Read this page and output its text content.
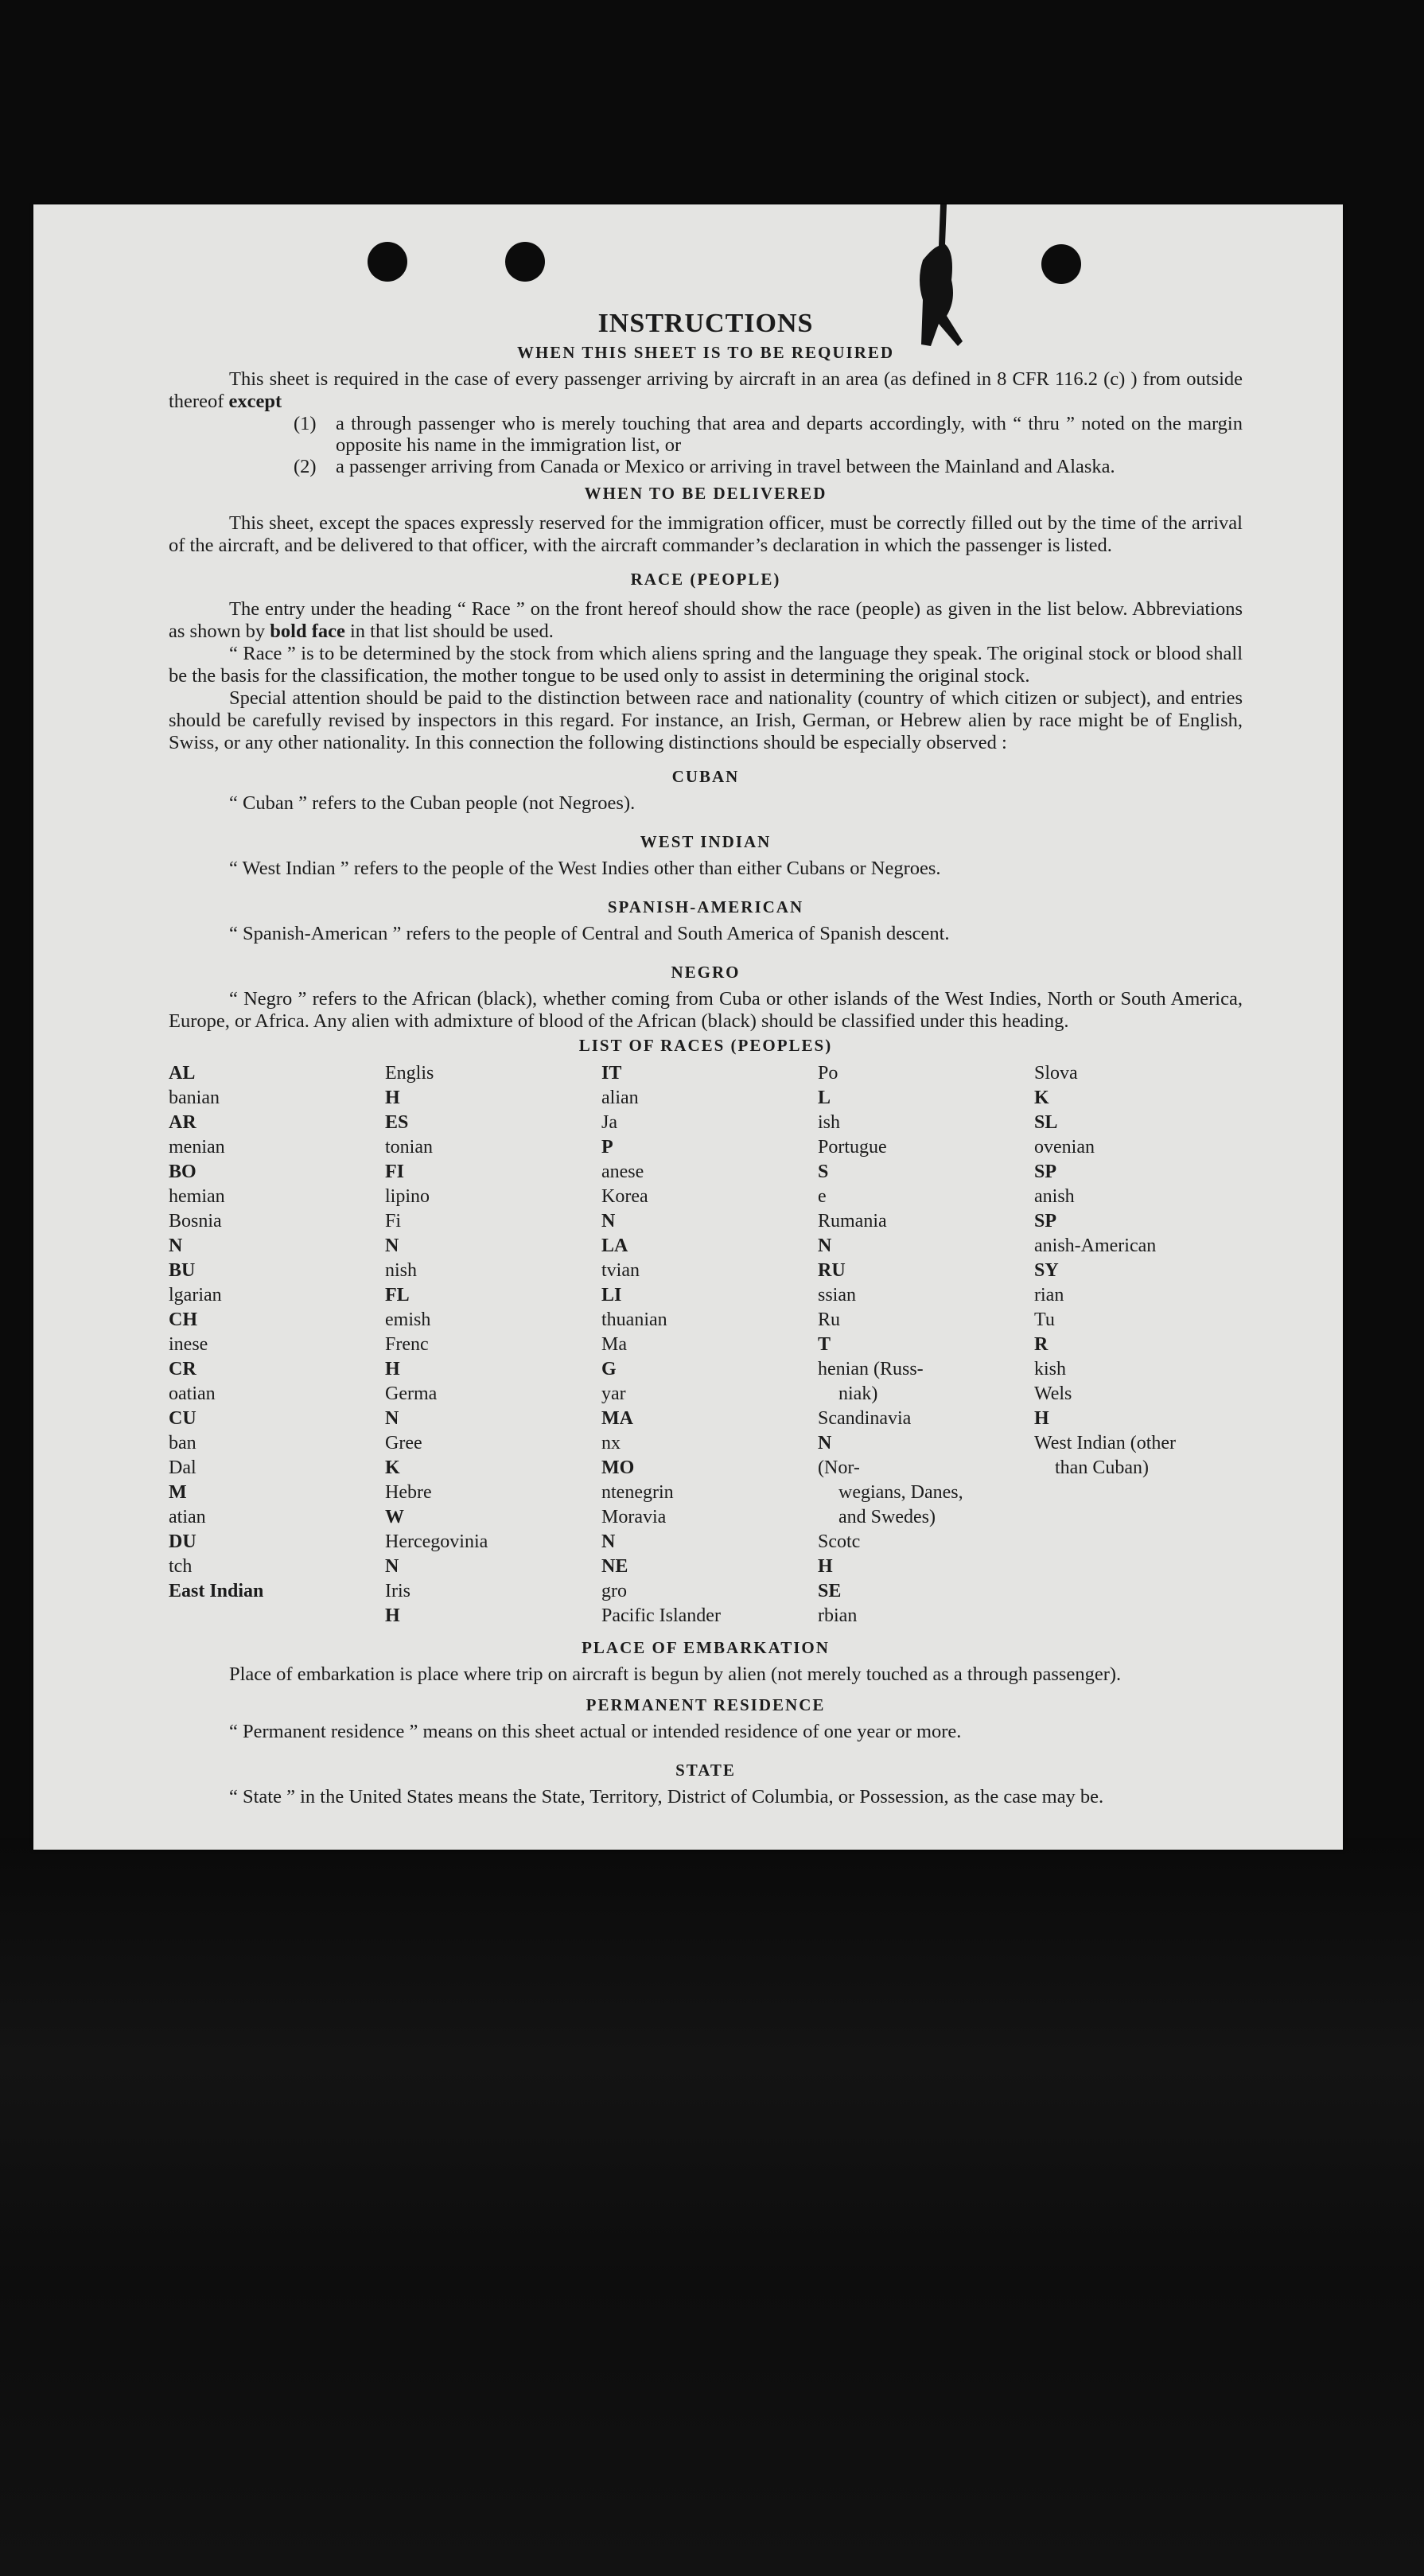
INSTRUCTIONS
WHEN THIS SHEET IS TO BE REQUIRED

This sheet is required in the case of every passenger arriving by aircraft in an area (as defined in 8 CFR 116.2 (c) ) from outside thereof except

(1) a through passenger who is merely touching that area and departs accordingly, with “ thru ” noted on the margin opposite his name in the immigration list, or
(2) a passenger arriving from Canada or Mexico or arriving in travel between the Mainland and Alaska.
WHEN TO BE DELIVERED

This sheet, except the spaces expressly reserved for the immigration officer, must be correctly filled out by the time of the arrival of the aircraft, and be delivered to that officer, with the aircraft commander’s declaration in which the passenger is listed.

RACE (PEOPLE)

The entry under the heading “ Race ” on the front hereof should show the race (people) as given in the list below. Abbreviations as shown by bold face in that list should be used.

“ Race ” is to be determined by the stock from which aliens spring and the language they speak. The original stock or blood shall be the basis for the classification, the mother tongue to be used only to assist in determining the original stock.

Special attention should be paid to the distinction between race and nationality (country of which citizen or subject), and entries should be carefully revised by inspectors in this regard. For instance, an Irish, German, or Hebrew alien by race might be of English, Swiss, or any other nationality. In this connection the following distinctions should be especially observed :

CUBAN

“ Cuban ” refers to the Cuban people (not Negroes).

WEST INDIAN

“ West Indian ” refers to the people of the West Indies other than either Cubans or Negroes.

SPANISH-AMERICAN

“ Spanish-American ” refers to the people of Central and South America of Spanish descent.

NEGRO

“ Negro ” refers to the African (black), whether coming from Cuba or other islands of the West Indies, North or South America, Europe, or Africa. Any alien with admixture of blood of the African (black) should be classified under this heading.

LIST OF RACES (PEOPLES)
AL
banian
AR
menian
BO
hemian
Bosnia
N
BU
lgarian
CH
inese
CR
oatian
CU
ban
Dal
M
atian
DU
tch
East Indian
Englis
H
ES
tonian
FI
lipino
Fi
N
nish
FL
emish
Frenc
H
Germa
N
Gree
K
Hebre
W
Hercegovinia
N
Iris
H
IT
alian
Ja
P
anese
Korea
N
LA
tvian
LI
thuanian
Ma
G
yar
MA
nx
MO
ntenegrin
Moravia
N
NE
gro
Pacific Islander
Po
L
ish
Portugue
S
e
Rumania
N
RU
ssian
Ru
T
henian (Russ-
niak)
Scandinavia
N
(Nor-
wegians, Danes,
and Swedes)
Scotc
H
SE
rbian
Slova
K
SL
ovenian
SP
anish
SP
anish-American
SY
rian
Tu
R
kish
Wels
H
West Indian (other
than Cuban)
PLACE OF EMBARKATION

Place of embarkation is place where trip on aircraft is begun by alien (not merely touched as a through passenger).

PERMANENT RESIDENCE

“ Permanent residence ” means on this sheet actual or intended residence of one year or more.

STATE

“ State ” in the United States means the State, Territory, District of Columbia, or Possession, as the case may be.
